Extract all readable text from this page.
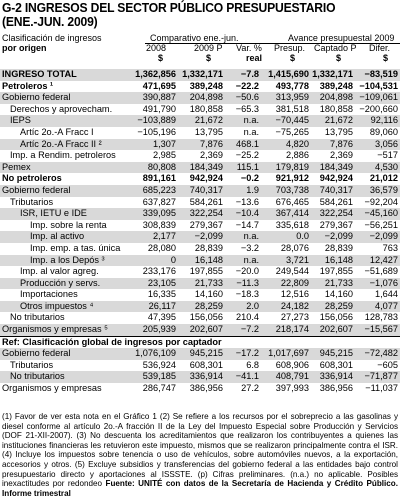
G-2 INGRESOS DEL SECTOR PÚBLICO PRESUPUESTARIO
(ENE.-JUN. 2009)
Clasificación de ingresos
por origen
Comparativo ene.-jun.	Avance presupuestal 2009
2008	2009 P Var. % Presup. Captado P Difer.
$	$	real	$	$	$
INGRESO TOTAL	1,362,856	1,332,171	−7.8	1,415,690	1,332,171	−83,519
Petroleros ¹	471,695	389,248	−22.2	493,778	389,248	−104,531
Gobierno federal	390,887	204,898	−50.6	313,959	204,898	−109,061
Derechos y aprovecham.	491,790	180,858	−65.3	381,518	180,858	−200,660
IEPS	−103,889	21,672	n.a.	−70,445	21,672	92,116
Artíc 2o.-A Fracc I	−105,196	13,795	n.a.	−75,265	13,795	89,060
Artíc 2o.-A Fracc II ²	1,307	7,876	468.1	4,820	7,876	3,056
Imp. a Rendim. petroleros	2,985	2,369	−25.2	2,886	2,369	−517
Pemex	80,808	184,349	115.1	179,819	184,349	4,530
No petroleros	891,161	942,924	−0.2	921,912	942,924	21,012
Gobierno federal	685,223	740,317	1.9	703,738	740,317	36,579
Tributarios	637,827	584,261	−13.6	676,465	584,261	−92,204
ISR, IETU e IDE	339,095	322,254	−10.4	367,414	322,254	−45,160
Imp. sobre la renta	308,839	279,367	−14.7	335,618	279,367	−56,251
Imp. al activo	2,177	−2,099	n.a.	0.0	−2,099	−2,099
Imp. emp. a tas. única	28,080	28,839	−3.2	28,076	28,839	763
Imp. a los Depós ³	0	16,148	n.a.	3,721	16,148	12,427
Imp. al valor agreg.	233,176	197,855	−20.0	249,544	197,855	−51,689
Producción y servs.	23,105	21,733	−11.3	22,809	21,733	−1,076
Importaciones	16,335	14,160	−18.3	12,516	14,160	1,644
Otros impuestos ⁴	26,117	28,259	2.0	24,182	28,259	4,077
No tributarios	47,395	156,056	210.4	27,273	156,056	128,783
Organismos y empresas ⁵	205,939	202,607	−7.2	218,174	202,607	−15,567
Ref: Clasificación global de ingresos por captador						
Gobierno federal	1,076,109	945,215	−17.2	1,017,697	945,215	−72,482
Tributarios	536,924	608,301	6.8	608,906	608,301	−605
No tributarios	539,185	336,914	−41.1	408,791	336,914	−71,877
Organismos y empresas	286,747	386,956	27.2	397,993	386,956	−11,037
(1) Favor de ver esta nota en el Gráfico 1 (2) Se refiere a los recursos por el sobreprecio a las gasolinas y diesel conforme al artículo 2o.-A fracción II de la Ley del Impuesto Especial sobre Producción y Servicios (DOF 21-XII-2007). (3) No descuenta los acreditamientos que realizaron los contribuyentes a quienes las instituciones financieras les retuvieron este impuesto, mismos que se realizaron principalmente contra el ISR. (4) Incluye los impuestos sobre tenencia o uso de vehículos, sobre automóviles nuevos, a la exportación, accesorios y otros. (5) Excluye subsidios y transferencias del gobierno federal a las entidades bajo control presupuestario directo y aportaciones al ISSSTE. (p) Cifras preliminares. (n.a.) no aplicable. Posibles inexactitudes por redondeo Fuente: UNITÉ con datos de la Secretaría de Hacienda y Crédito Público. Informe trimestral
